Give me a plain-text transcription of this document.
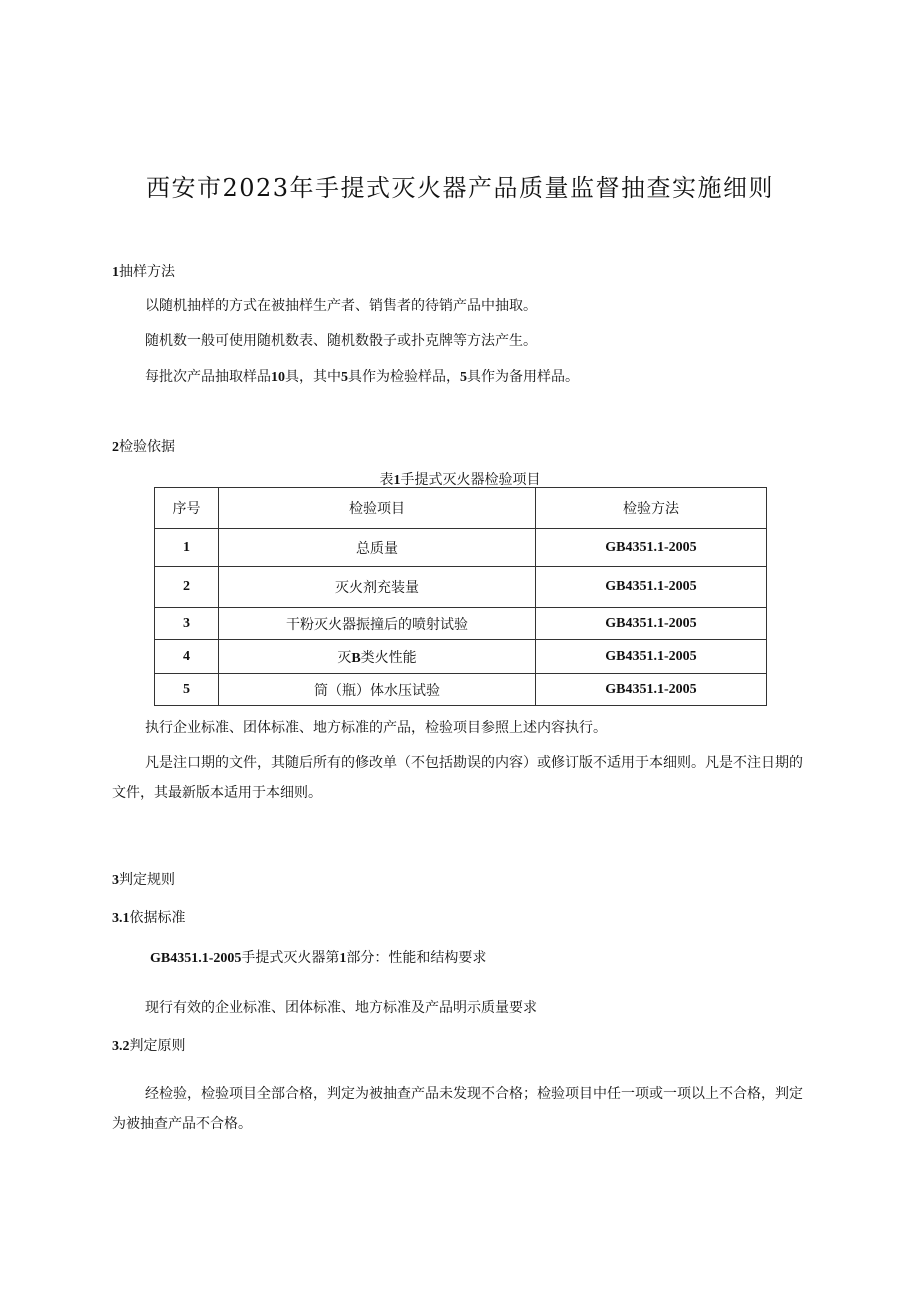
西安市2023年手提式灭火器产品质量监督抽查实施细则
1抽样方法
以随机抽样的方式在被抽样生产者、销售者的待销产品中抽取。
随机数一般可使用随机数表、随机数骰子或扑克牌等方法产生。
每批次产品抽取样品10具，其中5具作为检验样品，5具作为备用样品。
2检验依据
表1手提式灭火器检验项目
序号	检验项目	检验方法
1	总质量	GB4351.1-2005
2	灭火剂充装量	GB4351.1-2005
3	干粉灭火器振撞后的喷射试验	GB4351.1-2005
4	灭B类火性能	GB4351.1-2005
5	筒（瓶）体水压试验	GB4351.1-2005
执行企业标准、团体标准、地方标准的产品，检验项目参照上述内容执行。
凡是注口期的文件，其随后所有的修改单（不包括勘误的内容）或修订版不适用于本细则。凡是不注日期的文件，其最新版本适用于本细则。
3判定规则
3.1依据标准
GB4351.1-2005手提式灭火器第1部分：性能和结构要求
现行有效的企业标准、团体标准、地方标准及产品明示质量要求
3.2判定原则
经检验，检验项目全部合格，判定为被抽查产品未发现不合格；检验项目中任一项或一项以上不合格，判定为被抽查产品不合格。
